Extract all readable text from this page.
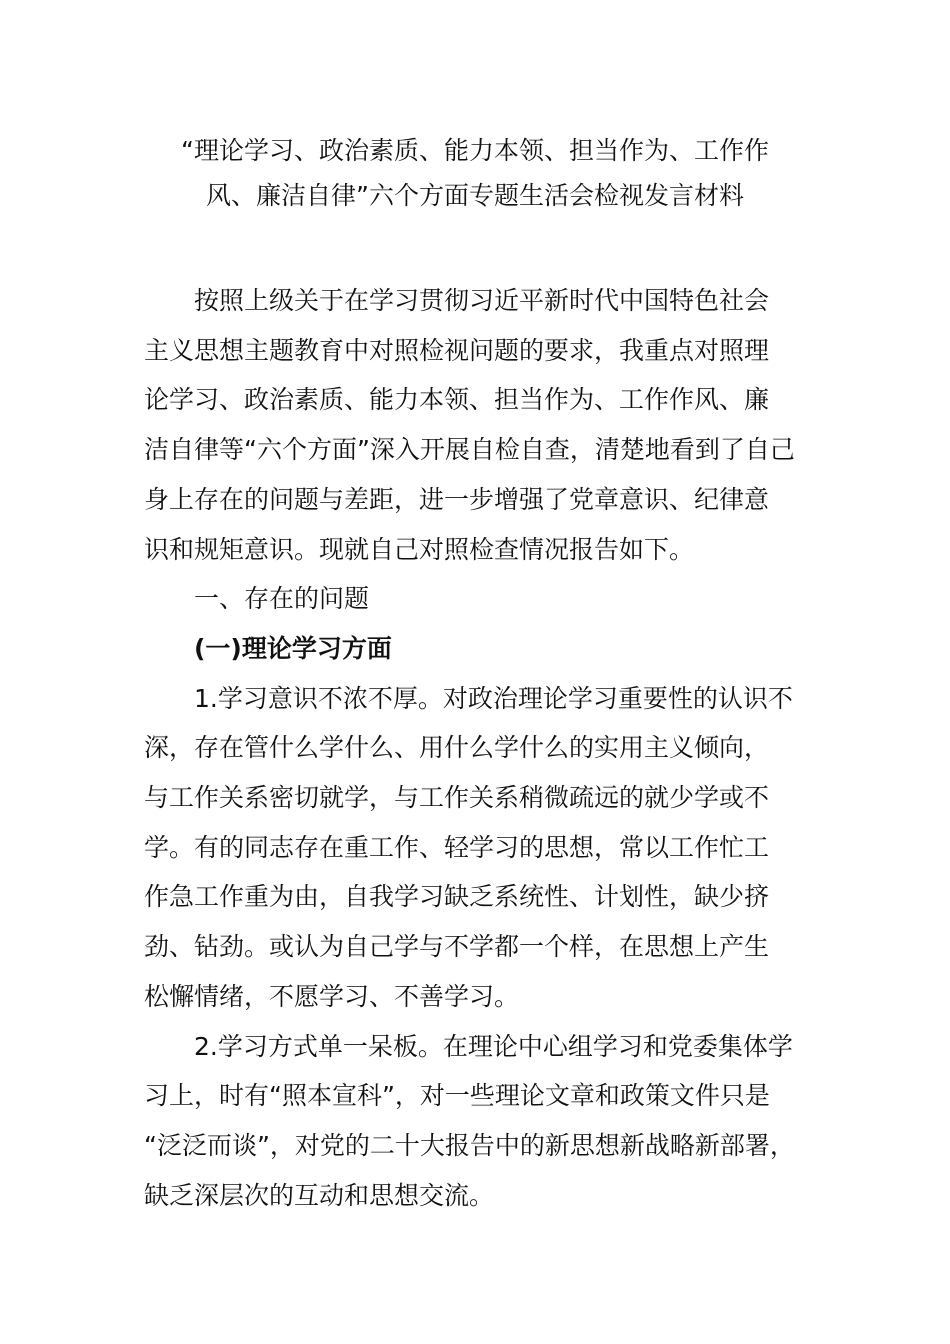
“理论学习、政治素质、能力本领、担当作为、工作作
风、廉洁自律”六个方面专题生活会检视发言材料
按照上级关于在学习贯彻习近平新时代中国特色社会
主义思想主题教育中对照检视问题的要求，我重点对照理
论学习、政治素质、能力本领、担当作为、工作作风、廉
洁自律等“六个方面”深入开展自检自查，清楚地看到了自己
身上存在的问题与差距，进一步增强了党章意识、纪律意
识和规矩意识。现就自己对照检查情况报告如下。
一、存在的问题
(一)理论学习方面
1.学习意识不浓不厚。对政治理论学习重要性的认识不
深，存在管什么学什么、用什么学什么的实用主义倾向，
与工作关系密切就学，与工作关系稍微疏远的就少学或不
学。有的同志存在重工作、轻学习的思想，常以工作忙工
作急工作重为由，自我学习缺乏系统性、计划性，缺少挤
劲、钻劲。或认为自己学与不学都一个样，在思想上产生
松懈情绪，不愿学习、不善学习。
2.学习方式单一呆板。在理论中心组学习和党委集体学
习上，时有“照本宣科”，对一些理论文章和政策文件只是
“泛泛而谈”，对党的二十大报告中的新思想新战略新部署，
缺乏深层次的互动和思想交流。
